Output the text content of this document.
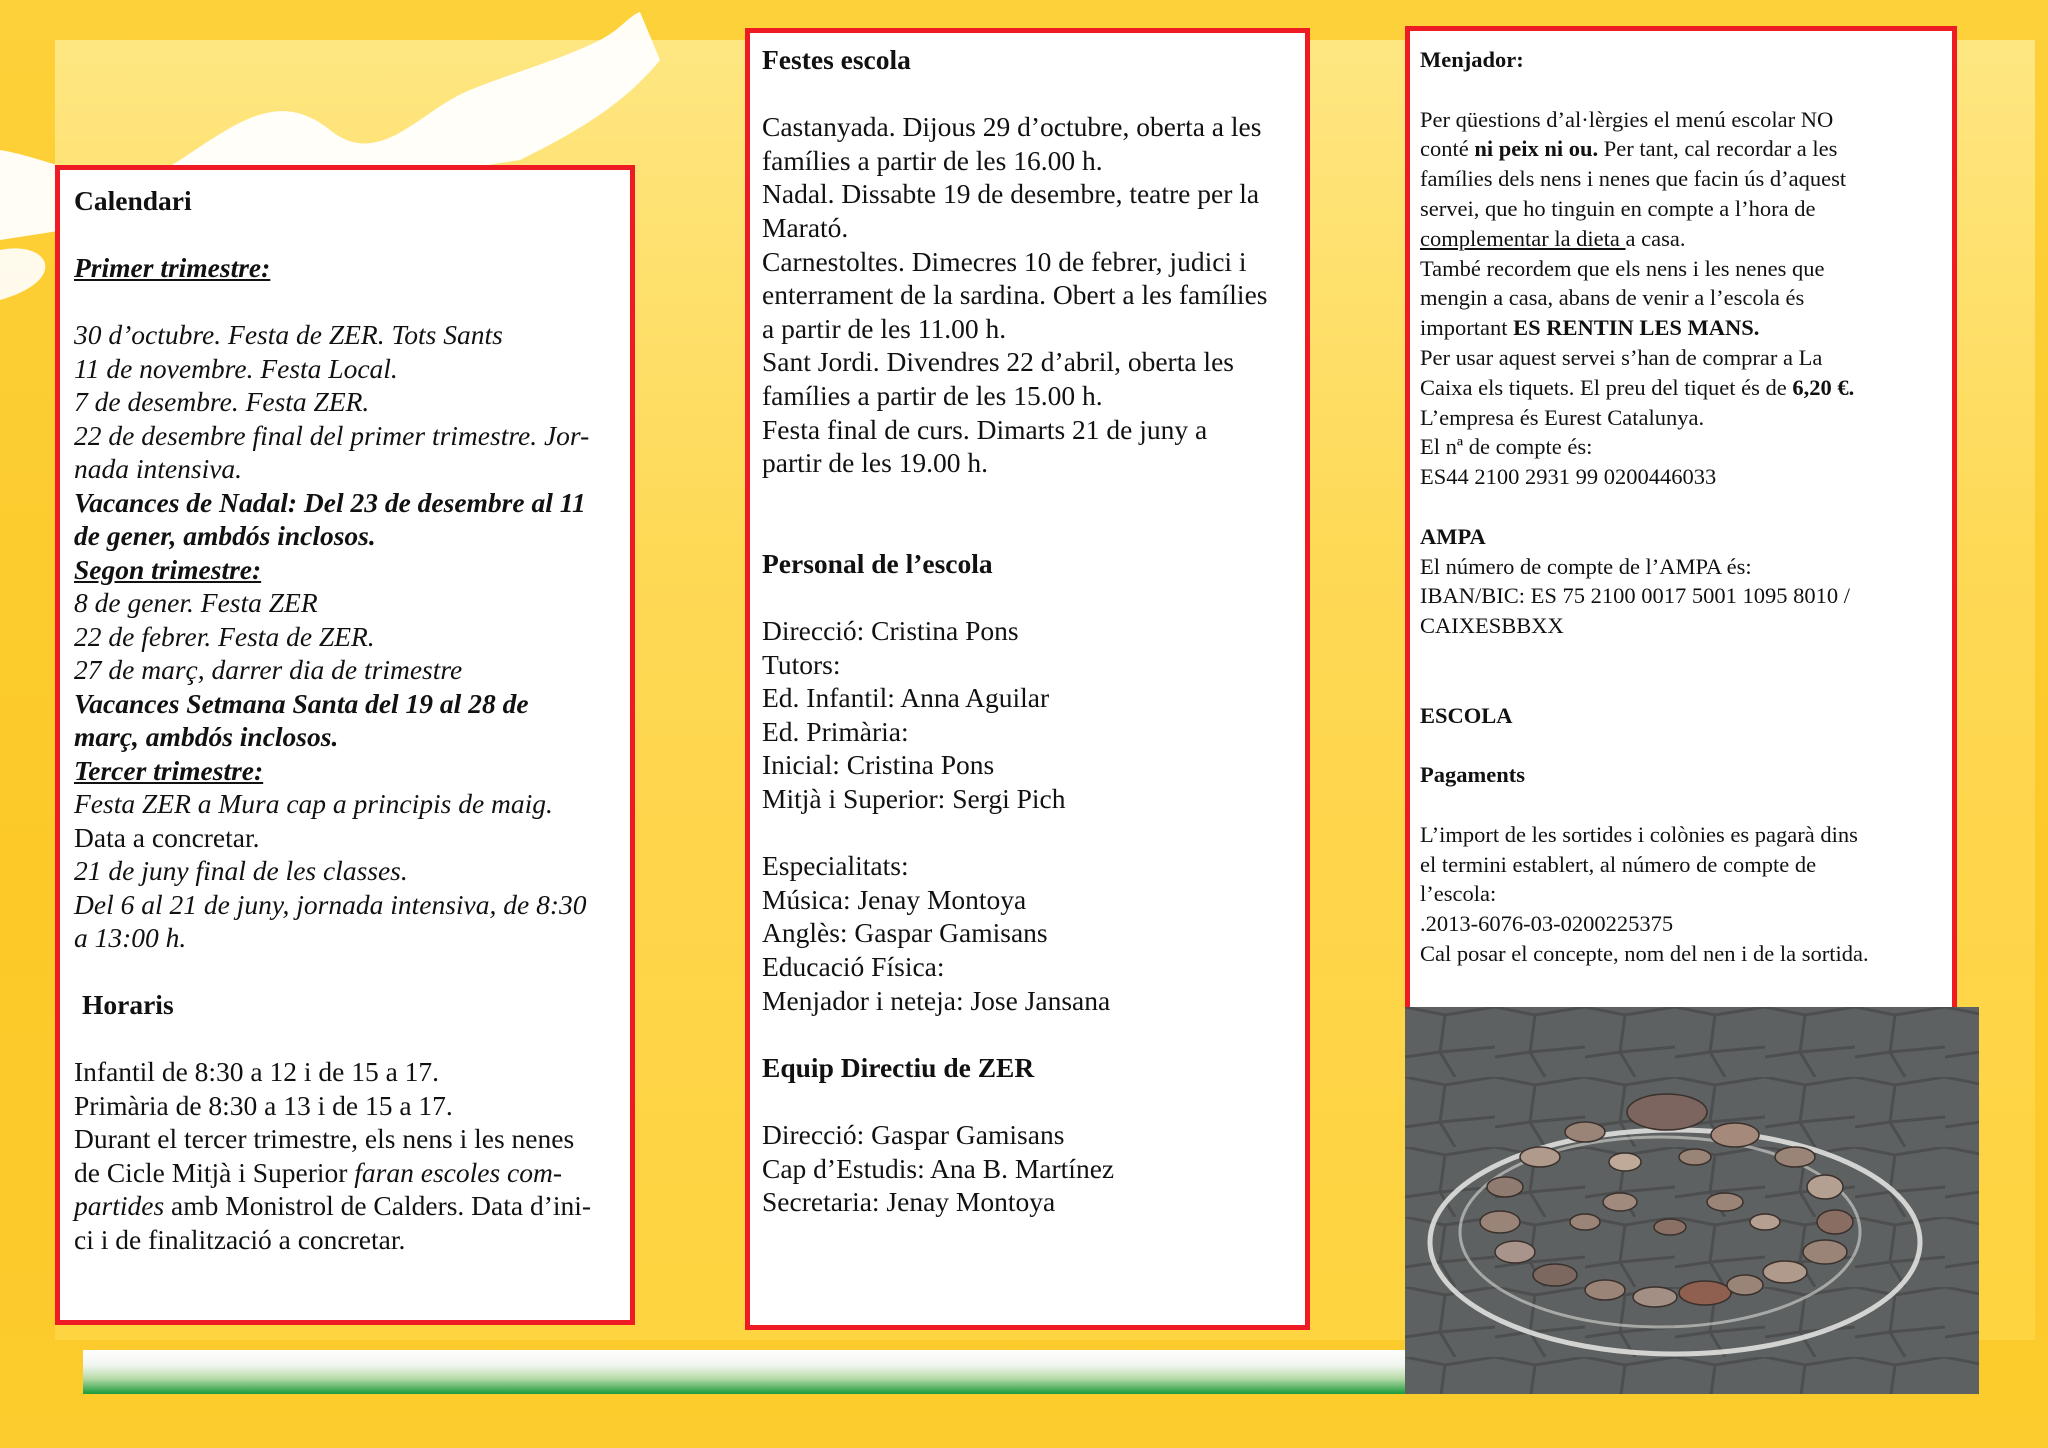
Calendari

Primer trimestre:

30 d’octubre. Festa de ZER. Tots Sants

11 de novembre. Festa Local.

7 de desembre. Festa ZER.

22 de desembre final del primer trimestre. Jor-

nada intensiva.

Vacances de Nadal: Del 23 de desembre al 11

de gener, ambdós inclosos.

Segon trimestre:

8 de gener. Festa ZER

22 de febrer. Festa de ZER.

27 de març, darrer dia de trimestre

Vacances Setmana Santa del 19 al 28 de

març, ambdós inclosos.

Tercer trimestre:

Festa ZER a Mura cap a principis de maig.

Data a concretar.

21 de juny final de les classes.

Del 6 al 21 de juny, jornada intensiva, de 8:30

a 13:00 h.

Horaris

Infantil de 8:30 a 12 i de 15 a 17.

Primària de 8:30 a 13 i de 15 a 17.

Durant el tercer trimestre, els nens i les nenes

de Cicle Mitjà i Superior faran escoles com-

partides amb Monistrol de Calders. Data d’ini-

ci i de finalització a concretar.

Festes escola

Castanyada. Dijous 29 d’octubre, oberta a les

famílies a partir de les 16.00 h.

Nadal. Dissabte 19 de desembre, teatre per la

Marató.

Carnestoltes. Dimecres 10 de febrer, judici i

enterrament de la sardina. Obert a les famílies

a partir de les 11.00 h.

Sant Jordi. Divendres 22 d’abril, oberta les

famílies a partir de les 15.00 h.

Festa final de curs. Dimarts 21 de juny a

partir de les 19.00 h.

Personal de l’escola

Direcció: Cristina Pons

Tutors:

Ed. Infantil: Anna Aguilar

Ed. Primària:

Inicial: Cristina Pons

Mitjà i Superior: Sergi Pich

Especialitats:

Música: Jenay Montoya

Anglès: Gaspar Gamisans

Educació Física:

Menjador i neteja: Jose Jansana

Equip Directiu de ZER

Direcció: Gaspar Gamisans

Cap d’Estudis: Ana B. Martínez

Secretaria: Jenay Montoya

Menjador:

Per qüestions d’al·lèrgies el menú escolar NO

conté ni peix ni ou. Per tant, cal recordar a les

famílies dels nens i nenes que facin ús d’aquest

servei, que ho tinguin en compte a l’hora de

complementar la dieta a casa.

També recordem que els nens i les nenes que

mengin a casa, abans de venir a l’escola és

important ES RENTIN LES MANS.

Per usar aquest servei s’han de comprar a La

Caixa els tiquets. El preu del tiquet és de 6,20 €.

L’empresa és Eurest Catalunya.

El nª de compte és:

ES44 2100 2931 99 0200446033

AMPA

El número de compte de l’AMPA és:

IBAN/BIC: ES 75 2100 0017 5001 1095 8010 /

CAIXESBBXX

ESCOLA

Pagaments

L’import de les sortides i colònies es pagarà dins

el termini establert, al número de compte de

l’escola:

.2013-6076-03-0200225375

Cal posar el concepte, nom del nen i de la sortida.
